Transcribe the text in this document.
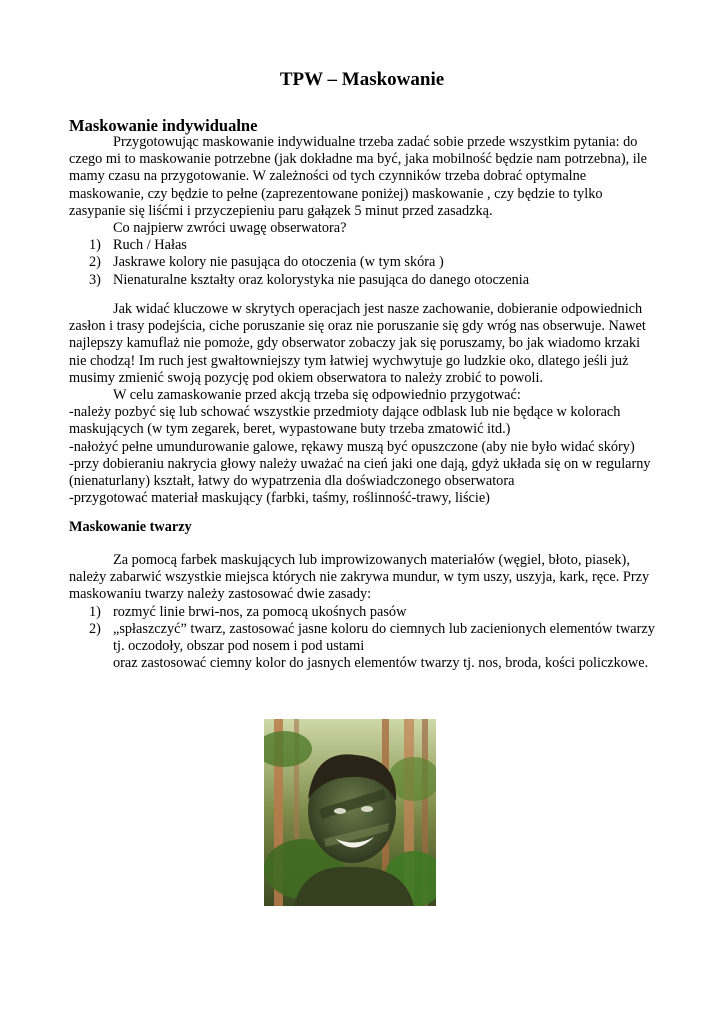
TPW – Maskowanie
Maskowanie indywidualne

Przygotowując maskowanie indywidualne trzeba zadać sobie przede wszystkim pytania: do czego mi to maskowanie potrzebne (jak dokładne ma być, jaka mobilność będzie nam potrzebna), ile mamy czasu na przygotowanie. W zależności od tych czynników trzeba dobrać optymalne maskowanie, czy będzie to pełne (zaprezentowane poniżej) maskowanie , czy będzie to tylko zasypanie się liśćmi i przyczepieniu paru gałązek 5 minut przed zasadzką.

Co najpierw zwróci uwagę obserwatora?

1) Ruch / Hałas
2) Jaskrawe kolory nie pasująca do otoczenia (w tym skóra )
3) Nienaturalne kształty oraz kolorystyka nie pasująca do danego otoczenia

Jak widać kluczowe w skrytych operacjach jest nasze zachowanie, dobieranie odpowiednich zasłon i trasy podejścia, ciche poruszanie się oraz nie poruszanie się gdy wróg nas obserwuje. Nawet najlepszy kamuflaż nie pomoże, gdy obserwator zobaczy jak się poruszamy, bo jak wiadomo krzaki nie chodzą! Im ruch jest gwałtowniejszy tym łatwiej wychwytuje go ludzkie oko, dlatego jeśli już musimy zmienić swoją pozycję pod okiem obserwatora to należy zrobić to powoli.

W celu zamaskowanie przed akcją trzeba się odpowiednio przygotwać:

-należy pozbyć się lub schować wszystkie przedmioty dające odblask lub nie będące w kolorach maskujących (w tym zegarek, beret, wypastowane buty trzeba zmatowić itd.)

-nałożyć pełne umundurowanie galowe, rękawy muszą być opuszczone (aby nie było widać skóry)

-przy dobieraniu nakrycia głowy należy uważać na cień jaki one dają, gdyż układa się on w regularny (nienaturlany) kształt, łatwy do wypatrzenia dla doświadczonego obserwatora

-przygotować materiał maskujący (farbki, taśmy, roślinność-trawy, liście)

Maskowanie twarzy

Za pomocą farbek maskujących lub improwizowanych materiałów (węgiel, błoto, piasek), należy zabarwić wszystkie miejsca których nie zakrywa mundur, w tym uszy, uszyja, kark, ręce. Przy maskowaniu twarzy należy zastosować dwie zasady:

1) rozmyć linie brwi-nos, za pomocą ukośnych pasów
2) „spłaszczyć” twarz, zastosować jasne koloru do ciemnych lub zacienionych elementów twarzy tj. oczodoły, obszar pod nosem i pod ustami

oraz zastosować ciemny kolor do jasnych elementów twarzy tj. nos, broda, kości policzkowe.
